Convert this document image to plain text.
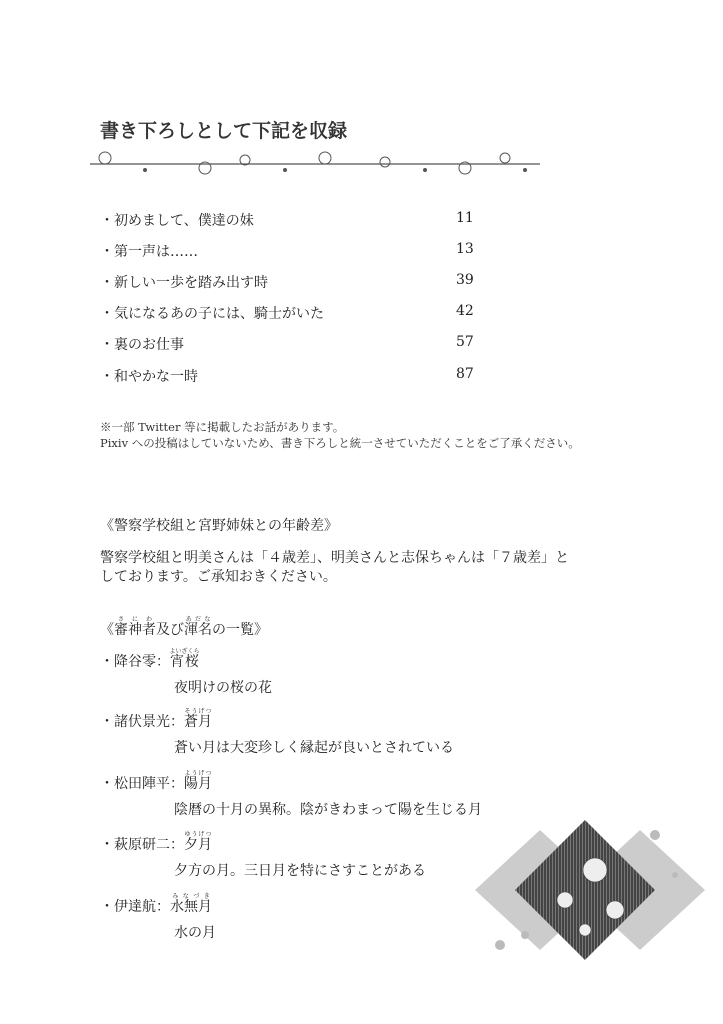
書き下ろしとして下記を収録
・初めまして、僕達の妹	11
・第一声は……	13
・新しい一歩を踏み出す時	39
・気になるあの子には、騎士がいた	42
・裏のお仕事	57
・和やかな一時	87
※一部 Twitter 等に掲載したお話があります。
Pixiv への投稿はしていないため、書き下ろしと統一させていただくことをご了承ください。
《警察学校組と宮野姉妹との年齢差》
警察学校組と明美さんは「４歳差」、明美さんと志保ちゃんは「７歳差」と
しております。ご承知おきください。
《審神者さにわ及び渾名あだなの一覧》
・降谷零：宵桜よいざくら
夜明けの桜の花
・諸伏景光：蒼月そうげつ
蒼い月は大変珍しく縁起が良いとされている
・松田陣平：陽月ようげつ
陰暦の十月の異称。陰がきわまって陽を生じる月
・萩原研二：夕月ゆうげつ
夕方の月。三日月を特にさすことがある
・伊達航：水無月みなづき
水の月
